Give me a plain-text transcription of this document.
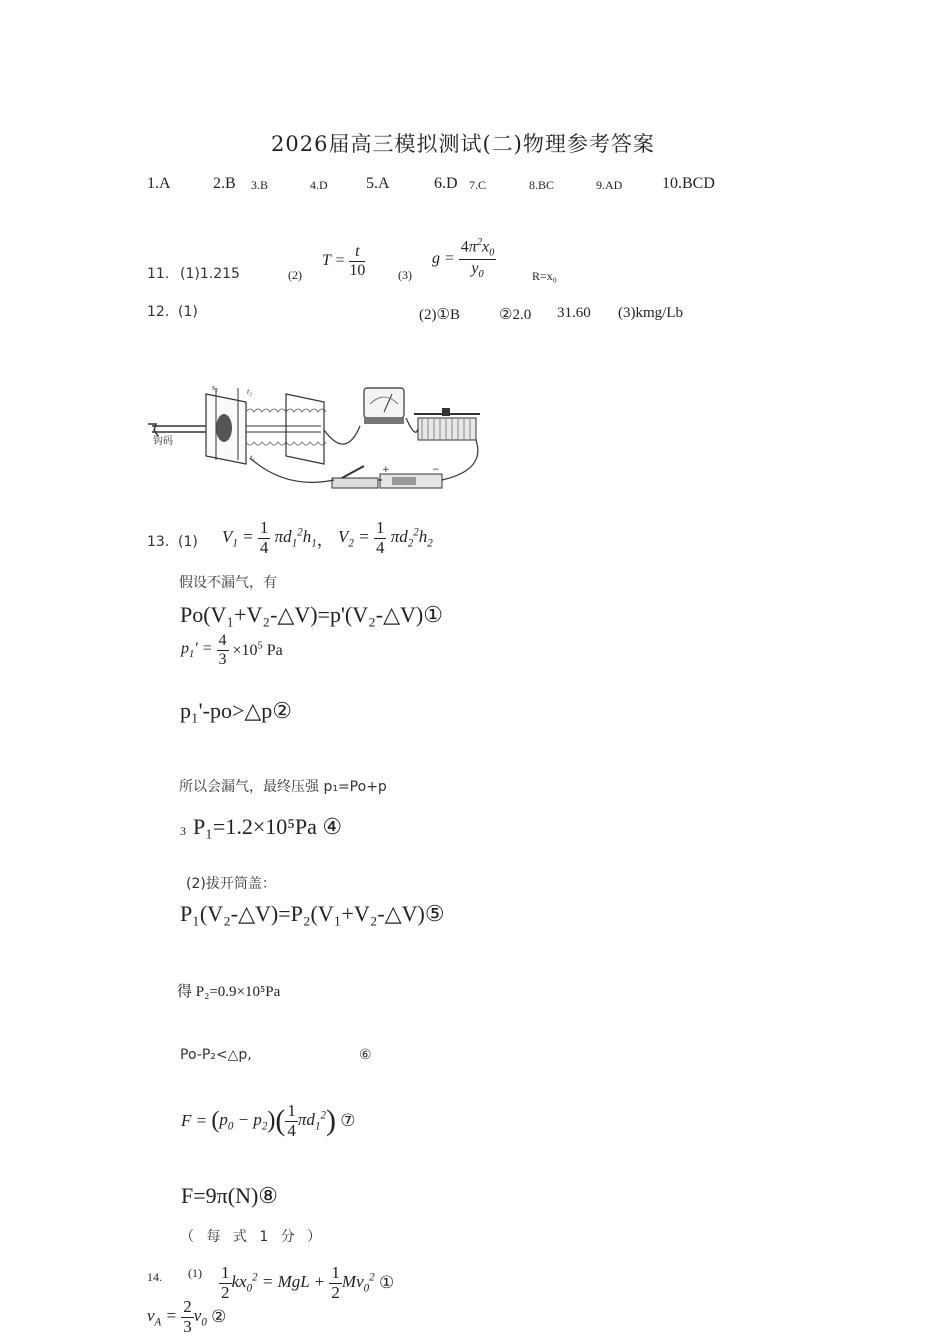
2026届高三模拟测试(二)物理参考答案
1.A	2.B 3.B	4.D 5.A	6.D 7.C	8.BC	9.AD 10.BCD
11. (1)1.215	(2)
$T = \frac{t}{10}$	(3)
$g = \frac{4\pi^2x_0}{y_0}$	R=x₀
12. (1)	(2)①B	②2.0 31.60 (3)kmg/Lb
钩码
s₂	t₂
t₁
+	−
13. (1) $V_1 = \frac{1}{4} \pi d_1^2h_1$， $V_2 = \frac{1}{4} \pi d_2^2h_2$
假设不漏气，有
Po(V₁+V₂-△V)=p'(V₂-△V)①
$p_1' = \frac{4}{3} \times 10^5$ Pa
p₁'-po>△p②
所以会漏气，最终压强 p₁=Po+p
3 P₁=1.2×10⁵Pa ④
(2)拔开筒盖：
P₁(V₂-△V)=P₂(V₁+V₂-△V)⑤
得 P₂=0.9×10⁵Pa
Po-P₂<△p,	⑥
$F = (p_0 - p_2)( \frac{1}{4} \pi d_1^2)$ ⑦
F=9π(N)⑧
（ 每 式 1 分 ）
14. $(1) \frac{1}{2} kx_0^2$ = MgL + $\frac{1}{2} Mv_0^2$ ①
$v_A = \frac{2}{3} v_0$ ②
